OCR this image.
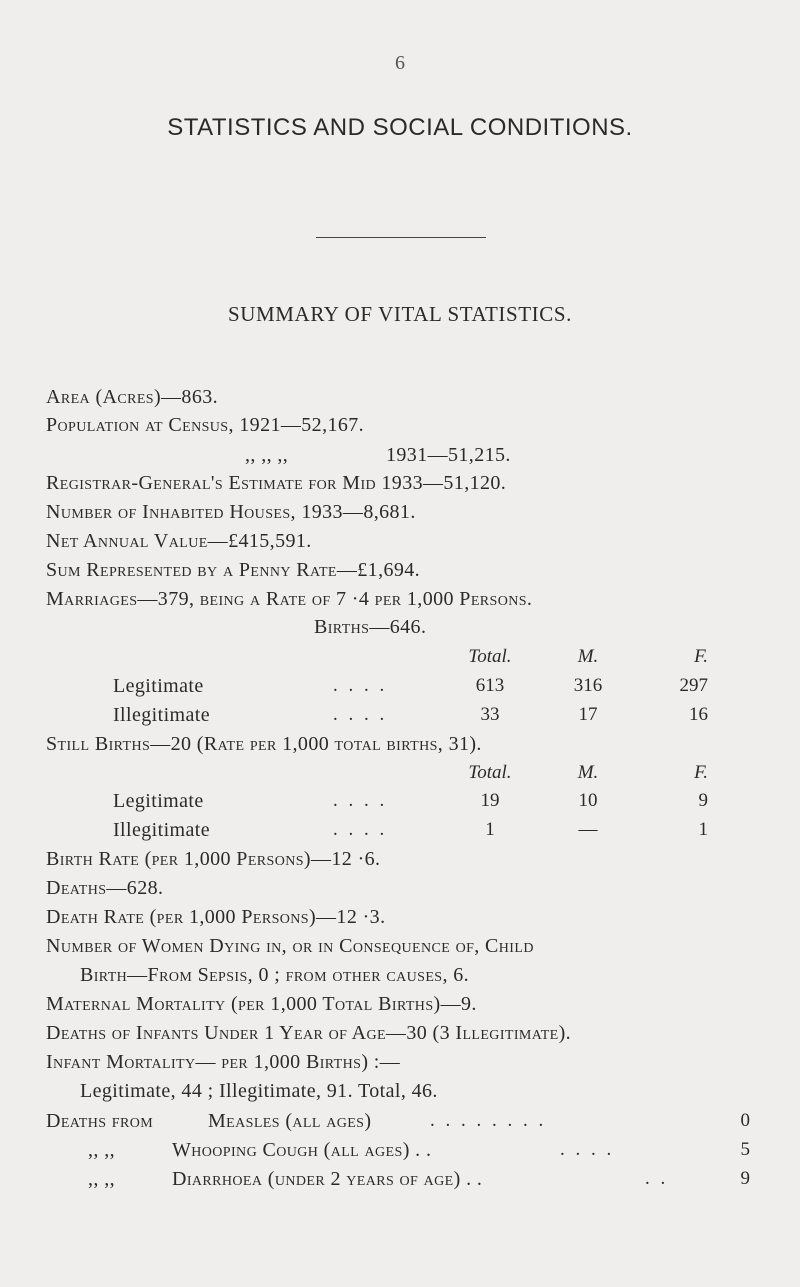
6
STATISTICS AND SOCIAL CONDITIONS.
SUMMARY OF VITAL STATISTICS.
Area (Acres)—863.
Population at Census, 1921—52,167.
,, ,, ,,	1931—51,215.
Registrar-General's Estimate for Mid 1933—51,120.
Number of Inhabited Houses, 1933—8,681.
Net Annual Value—£415,591.
Sum Represented by a Penny Rate—£1,694.
Marriages—379, being a Rate of 7 ·4 per 1,000 Persons.
Births—646.
Total.	M.	F.
Legitimate	. . . .	613	316	297
Illegitimate	. . . .	33	17	16
Still Births—20 (Rate per 1,000 total births, 31).
Total.	M.	F.
Legitimate	. . . .	19	10	9
Illegitimate	. . . .	1	—	1
Birth Rate (per 1,000 Persons)—12 ·6.
Deaths—628.
Death Rate (per 1,000 Persons)—12 ·3.
Number of Women Dying in, or in Consequence of, Child
Birth—From Sepsis, 0 ; from other causes, 6.
Maternal Mortality (per 1,000 Total Births)—9.
Deaths of Infants Under 1 Year of Age—30 (3 Illegitimate).
Infant Mortality— per 1,000 Births) :—
Legitimate, 44 ; Illegitimate, 91. Total, 46.
Deaths from	Measles (all ages)	. . . . . . . .	0
,, ,,	Whooping Cough (all ages) . .	. . . .	5
,, ,,	Diarrhoea (under 2 years of age) . .	. .	9
